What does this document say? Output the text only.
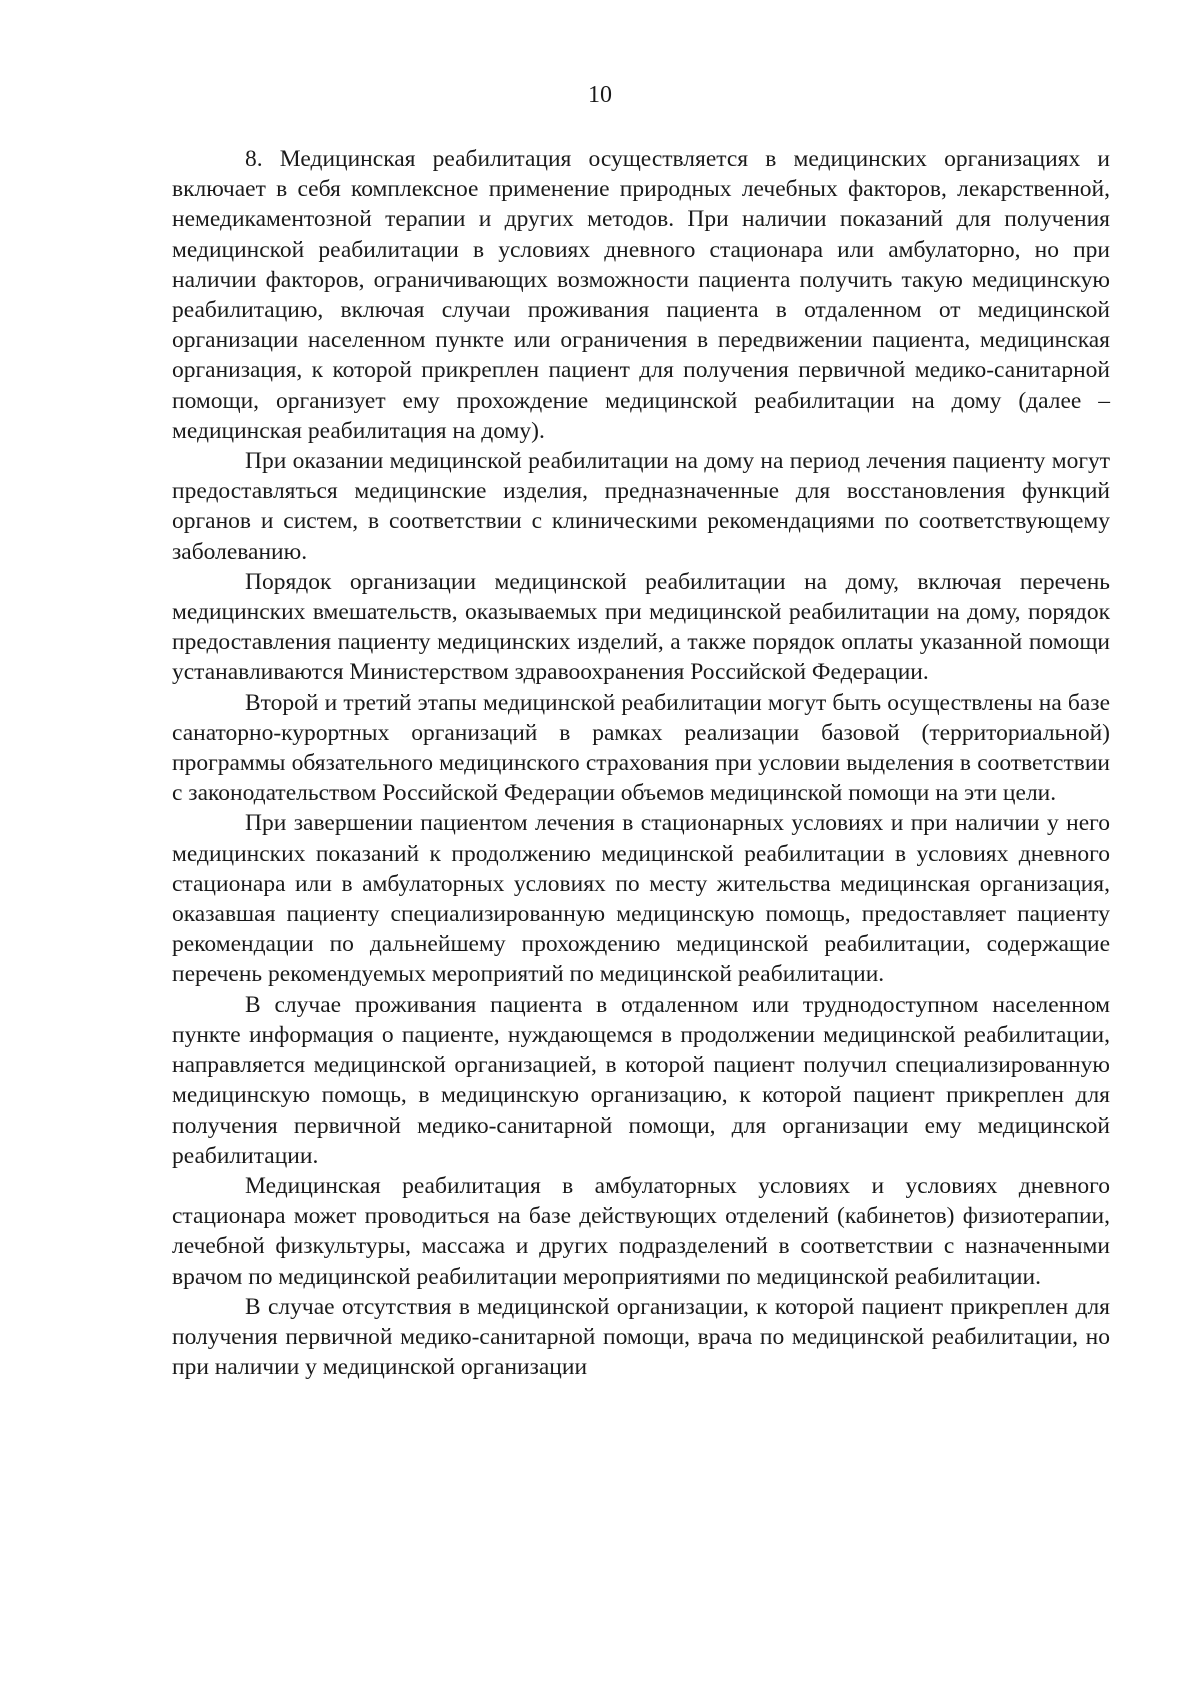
10

8. Медицинская реабилитация осуществляется в медицинских организациях и включает в себя комплексное применение природных лечебных факторов, лекарственной, немедикаментозной терапии и других методов. При наличии показаний для получения медицинской реабилитации в условиях дневного стационара или амбулаторно, но при наличии факторов, ограничивающих возможности пациента получить такую медицинскую реабилитацию, включая случаи проживания пациента в отдаленном от медицинской организации населенном пункте или ограничения в передвижении пациента, медицинская организация, к которой прикреплен пациент для получения первичной медико-санитарной помощи, организует ему прохождение медицинской реабилитации на дому (далее – медицинская реабилитация на дому).

При оказании медицинской реабилитации на дому на период лечения пациенту могут предоставляться медицинские изделия, предназначенные для восстановления функций органов и систем, в соответствии с клиническими рекомендациями по соответствующему заболеванию.

Порядок организации медицинской реабилитации на дому, включая перечень медицинских вмешательств, оказываемых при медицинской реабилитации на дому, порядок предоставления пациенту медицинских изделий, а также порядок оплаты указанной помощи устанавливаются Министерством здравоохранения Российской Федерации.

Второй и третий этапы медицинской реабилитации могут быть осуществлены на базе санаторно-курортных организаций в рамках реализации базовой (территориальной) программы обязательного медицинского страхования при условии выделения в соответствии с законодательством Российской Федерации объемов медицинской помощи на эти цели.

При завершении пациентом лечения в стационарных условиях и при наличии у него медицинских показаний к продолжению медицинской реабилитации в условиях дневного стационара или в амбулаторных условиях по месту жительства медицинская организация, оказавшая пациенту специализированную медицинскую помощь, предоставляет пациенту рекомендации по дальнейшему прохождению медицинской реабилитации, содержащие перечень рекомендуемых мероприятий по медицинской реабилитации.

В случае проживания пациента в отдаленном или труднодоступном населенном пункте информация о пациенте, нуждающемся в продолжении медицинской реабилитации, направляется медицинской организацией, в которой пациент получил специализированную медицинскую помощь, в медицинскую организацию, к которой пациент прикреплен для получения первичной медико-санитарной помощи, для организации ему медицинской реабилитации.

Медицинская реабилитация в амбулаторных условиях и условиях дневного стационара может проводиться на базе действующих отделений (кабинетов) физиотерапии, лечебной физкультуры, массажа и других подразделений в соответствии с назначенными врачом по медицинской реабилитации мероприятиями по медицинской реабилитации.

В случае отсутствия в медицинской организации, к которой пациент прикреплен для получения первичной медико-санитарной помощи, врача по медицинской реабилитации, но при наличии у медицинской организации
